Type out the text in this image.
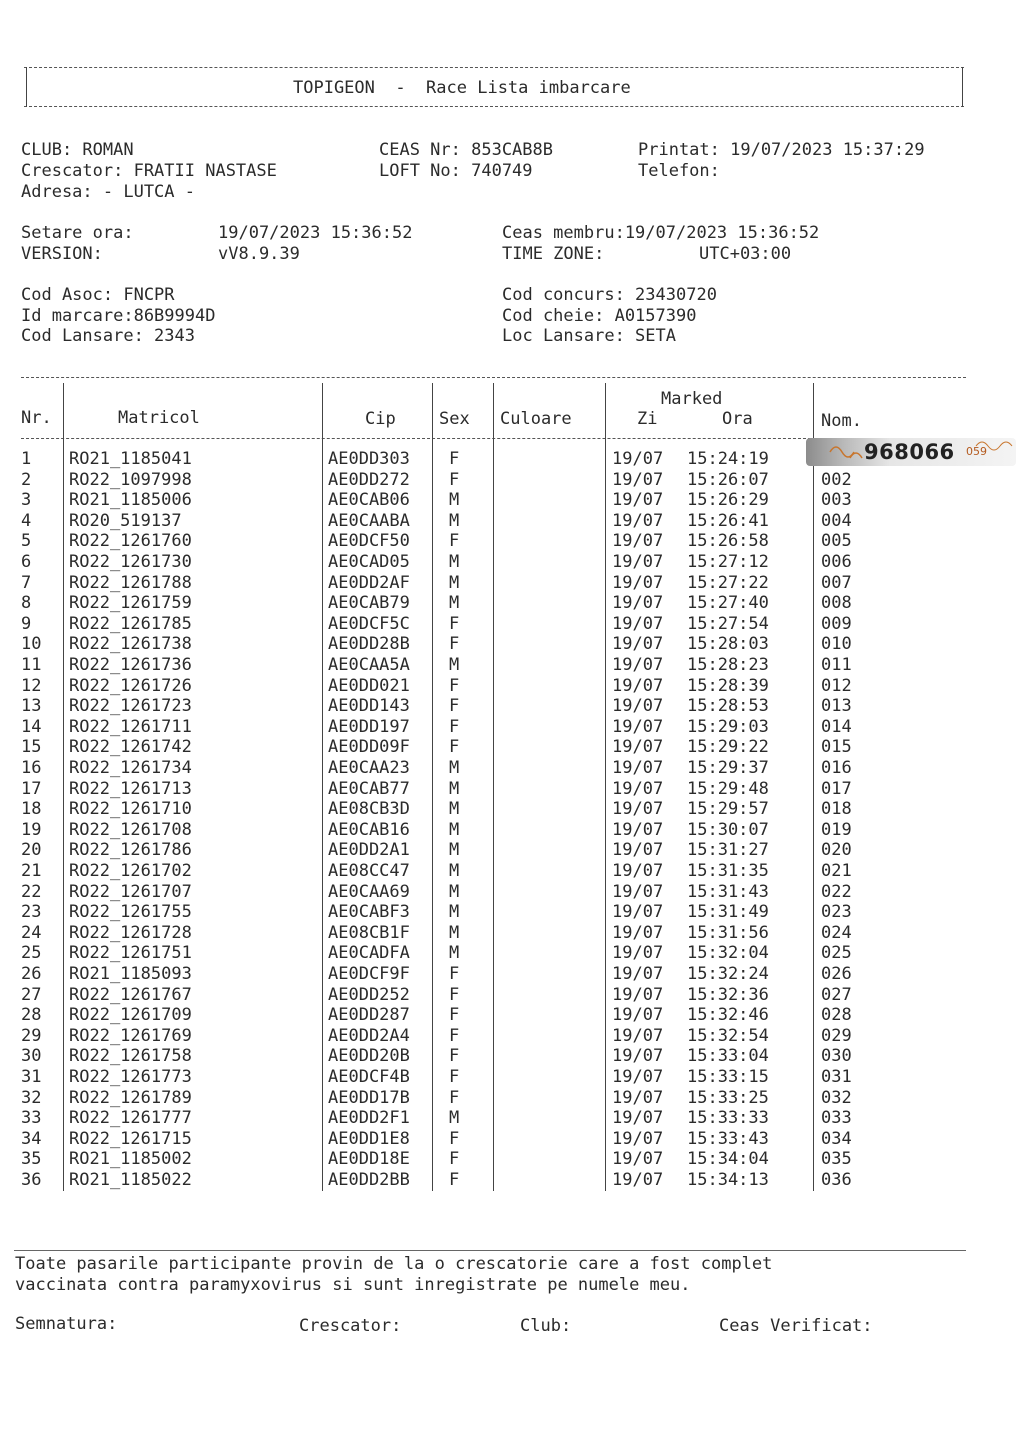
TOPIGEON  -  Race Lista imbarcare
CLUB: ROMAN
Crescator: FRATII NASTASE
Adresa: - LUTCA -
CEAS Nr: 853CAB8B
LOFT No: 740749
Printat: 19/07/2023 15:37:29
Telefon:
Setare ora:	19/07/2023 15:36:52
VERSION:	vV8.9.39
Ceas membru:19/07/2023 15:36:52
TIME ZONE:	UTC+03:00
Cod Asoc: FNCPR
Id marcare:86B9994D
Cod Lansare: 2343
Cod concurs: 23430720
Cod cheie: A0157390
Loc Lansare: SETA
Nr.	Matricol	Cip	Sex Culoare
Marked
Zi	Ora	Nom.
1 RO21_1185041	AE0DD303 F	19/07 15:24:19
2 RO22_1097998	AE0DD272 F	19/07 15:26:07	002
3 RO21_1185006	AE0CAB06 M	19/07 15:26:29	003
4 RO20_519137	AE0CAABA M	19/07 15:26:41	004
5 RO22_1261760	AE0DCF50 F	19/07 15:26:58	005
6 RO22_1261730	AE0CAD05 M	19/07 15:27:12	006
7 RO22_1261788	AE0DD2AF M	19/07 15:27:22	007
8 RO22_1261759	AE0CAB79 M	19/07 15:27:40	008
9 RO22_1261785	AE0DCF5C F	19/07 15:27:54	009
10 RO22_1261738	AE0DD28B F	19/07 15:28:03	010
11 RO22_1261736	AE0CAA5A M	19/07 15:28:23	011
12 RO22_1261726	AE0DD021 F	19/07 15:28:39	012
13 RO22_1261723	AE0DD143 F	19/07 15:28:53	013
14 RO22_1261711	AE0DD197 F	19/07 15:29:03	014
15 RO22_1261742	AE0DD09F F	19/07 15:29:22	015
16 RO22_1261734	AE0CAA23 M	19/07 15:29:37	016
17 RO22_1261713	AE0CAB77 M	19/07 15:29:48	017
18 RO22_1261710	AE08CB3D M	19/07 15:29:57	018
19 RO22_1261708	AE0CAB16 M	19/07 15:30:07	019
20 RO22_1261786	AE0DD2A1 M	19/07 15:31:27	020
21 RO22_1261702	AE08CC47 M	19/07 15:31:35	021
22 RO22_1261707	AE0CAA69 M	19/07 15:31:43	022
23 RO22_1261755	AE0CABF3 M	19/07 15:31:49	023
24 RO22_1261728	AE08CB1F M	19/07 15:31:56	024
25 RO22_1261751	AE0CADFA M	19/07 15:32:04	025
26 RO21_1185093	AE0DCF9F F	19/07 15:32:24	026
27 RO22_1261767	AE0DD252 F	19/07 15:32:36	027
28 RO22_1261709	AE0DD287 F	19/07 15:32:46	028
29 RO22_1261769	AE0DD2A4 F	19/07 15:32:54	029
30 RO22_1261758	AE0DD20B F	19/07 15:33:04	030
31 RO22_1261773	AE0DCF4B F	19/07 15:33:15	031
32 RO22_1261789	AE0DD17B F	19/07 15:33:25	032
33 RO22_1261777	AE0DD2F1 M	19/07 15:33:33	033
34 RO22_1261715	AE0DD1E8 F	19/07 15:33:43	034
35 RO21_1185002	AE0DD18E F	19/07 15:34:04	035
36 RO21_1185022	AE0DD2BB F	19/07 15:34:13	036
968066 059
Toate pasarile participante provin de la o crescatorie care a fost complet
vaccinata contra paramyxovirus si sunt inregistrate pe numele meu.
Semnatura:	Crescator:	Club:	Ceas Verificat:
